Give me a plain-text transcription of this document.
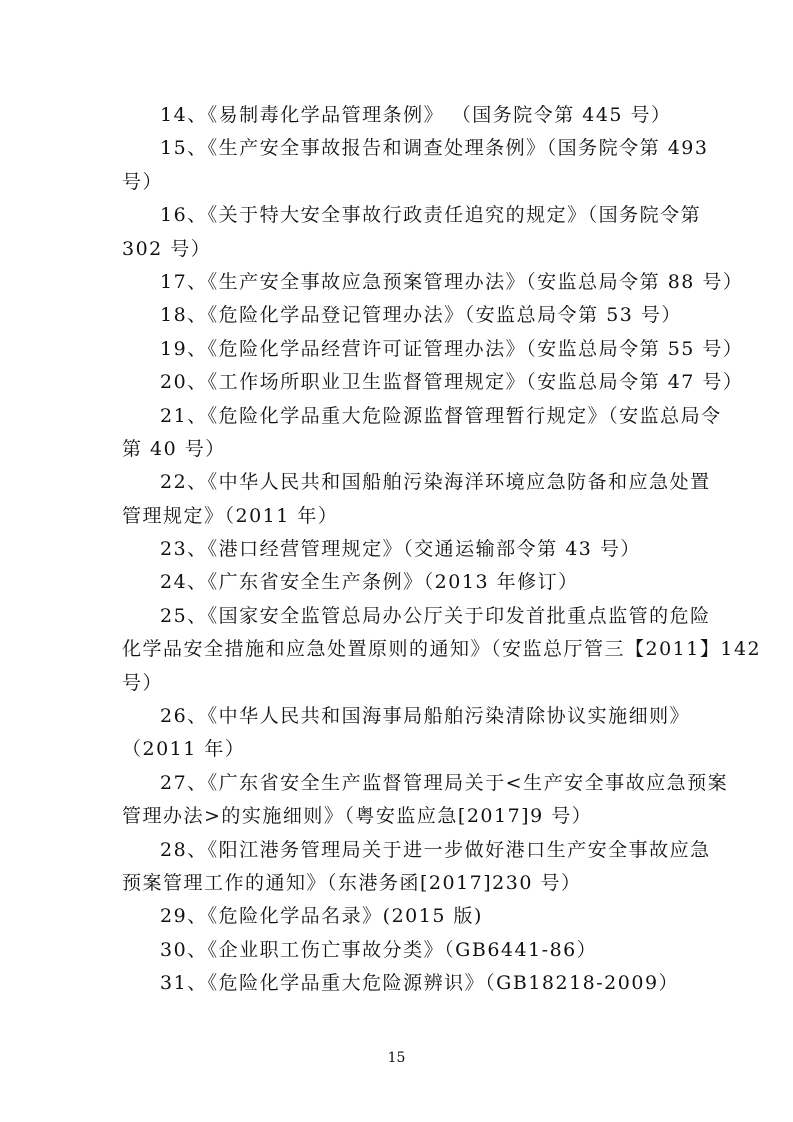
14、《易制毒化学品管理条例》 （国务院令第 445 号）
15、《生产安全事故报告和调查处理条例》（国务院令第 493
号）
16、《关于特大安全事故行政责任追究的规定》（国务院令第
302 号）
17、《生产安全事故应急预案管理办法》（安监总局令第 88 号）
18、《危险化学品登记管理办法》（安监总局令第 53 号）
19、《危险化学品经营许可证管理办法》（安监总局令第 55 号）
20、《工作场所职业卫生监督管理规定》（安监总局令第 47 号）
21、《危险化学品重大危险源监督管理暂行规定》（安监总局令
第 40 号）
22、《中华人民共和国船舶污染海洋环境应急防备和应急处置
管理规定》（2011 年）
23、《港口经营管理规定》（交通运输部令第 43 号）
24、《广东省安全生产条例》（2013 年修订）
25、《国家安全监管总局办公厅关于印发首批重点监管的危险
化学品安全措施和应急处置原则的通知》（安监总厅管三【2011】142
号）
26、《中华人民共和国海事局船舶污染清除协议实施细则》
（2011 年）
27、《广东省安全生产监督管理局关于<生产安全事故应急预案
管理办法>的实施细则》（粤安监应急[2017]9 号）
28、《阳江港务管理局关于进一步做好港口生产安全事故应急
预案管理工作的通知》（东港务函[2017]230 号）
29、《危险化学品名录》(2015 版)
30、《企业职工伤亡事故分类》（GB6441-86）
31、《危险化学品重大危险源辨识》（GB18218-2009）
15
